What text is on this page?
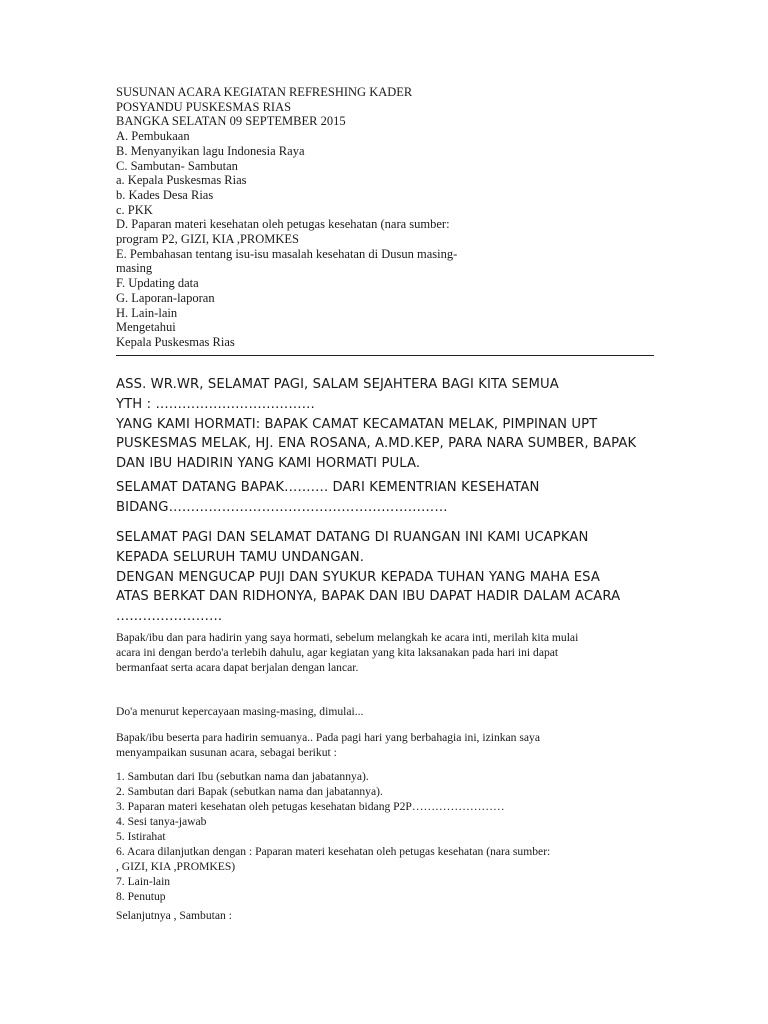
SUSUNAN ACARA KEGIATAN REFRESHING KADER
POSYANDU PUSKESMAS RIAS
BANGKA SELATAN 09 SEPTEMBER 2015
A. Pembukaan
B. Menyanyikan lagu Indonesia Raya
C. Sambutan- Sambutan
a. Kepala Puskesmas Rias
b. Kades Desa Rias
c. PKK
D. Paparan materi kesehatan oleh petugas kesehatan (nara sumber:
program P2, GIZI, KIA ,PROMKES
E. Pembahasan tentang isu-isu masalah kesehatan di Dusun masing-
masing
F. Updating data
G. Laporan-laporan
H. Lain-lain
Mengetahui
Kepala Puskesmas Rias

ASS. WR.WR, SELAMAT PAGI, SALAM SEJAHTERA BAGI KITA SEMUA

YTH : ………………………………

YANG KAMI HORMATI: BAPAK CAMAT KECAMATAN MELAK, PIMPINAN UPT

PUSKESMAS MELAK, HJ. ENA ROSANA, A.MD.KEP, PARA NARA SUMBER, BAPAK

DAN IBU HADIRIN YANG KAMI HORMATI PULA.

SELAMAT DATANG BAPAK………. DARI KEMENTRIAN KESEHATAN

BIDANG………………………………………………………

SELAMAT PAGI DAN SELAMAT DATANG DI RUANGAN INI KAMI UCAPKAN

KEPADA SELURUH TAMU UNDANGAN.

DENGAN MENGUCAP PUJI DAN SYUKUR KEPADA TUHAN YANG MAHA ESA

ATAS BERKAT DAN RIDHONYA, BAPAK DAN IBU DAPAT HADIR DALAM ACARA

……………………

Bapak/ibu dan para hadirin yang saya hormati, sebelum melangkah ke acara inti, merilah kita mulai

acara ini dengan berdo'a terlebih dahulu, agar kegiatan yang kita laksanakan pada hari ini dapat

bermanfaat serta acara dapat berjalan dengan lancar.

Do'a menurut kepercayaan masing-masing, dimulai...

Bapak/ibu beserta para hadirin semuanya.. Pada pagi hari yang berbahagia ini, izinkan saya

menyampaikan susunan acara, sebagai berikut :

1. Sambutan dari Ibu (sebutkan nama dan jabatannya).
2. Sambutan dari Bapak (sebutkan nama dan jabatannya).
3. Paparan materi kesehatan oleh petugas kesehatan bidang P2P……………………
4. Sesi tanya-jawab
5. Istirahat
6. Acara dilanjutkan dengan : Paparan materi kesehatan oleh petugas kesehatan (nara sumber:
, GIZI, KIA ,PROMKES)
7. Lain-lain
8. Penutup

Selanjutnya , Sambutan :
